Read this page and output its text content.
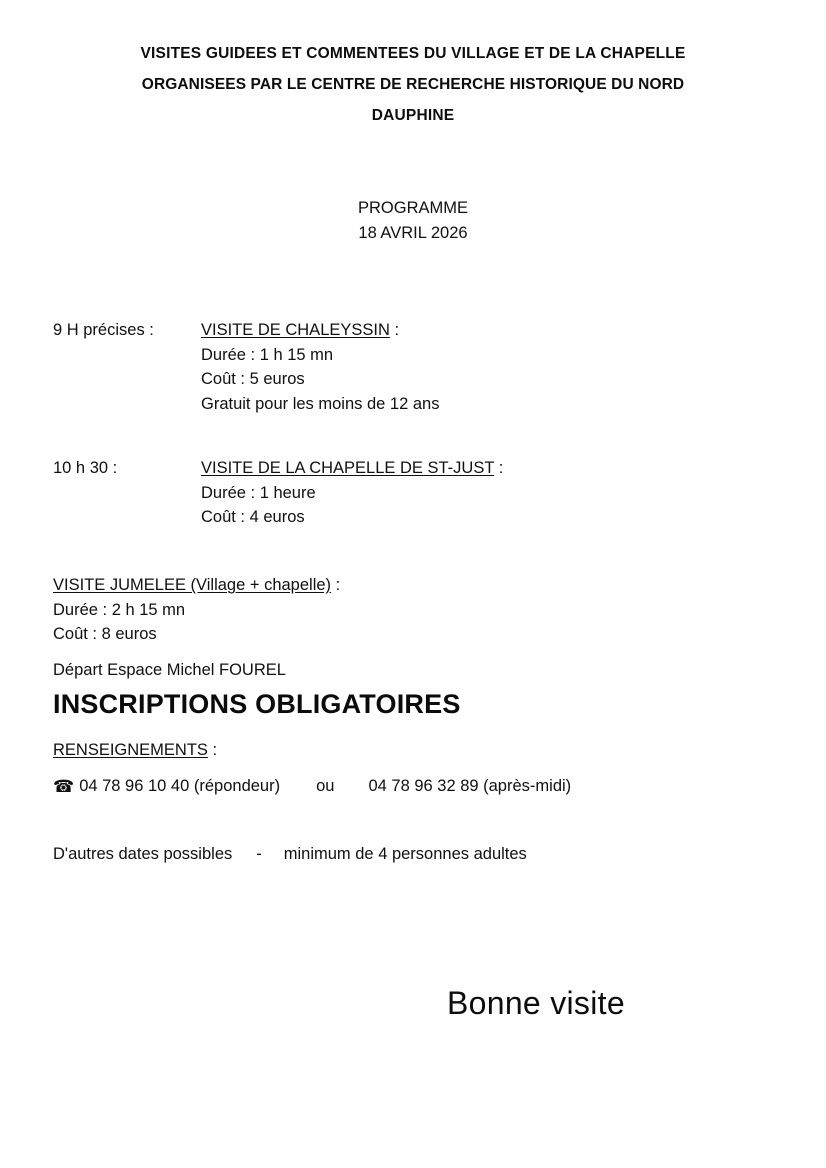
VISITES GUIDEES ET COMMENTEES DU VILLAGE ET DE LA CHAPELLE
ORGANISEES PAR LE CENTRE DE RECHERCHE HISTORIQUE DU NORD
DAUPHINE
PROGRAMME
18 AVRIL 2026
9 H précises :	VISITE DE CHALEYSSIN :
Durée : 1 h 15 mn
Coût : 5 euros
Gratuit pour les moins de 12 ans
10 h 30 :	VISITE DE LA CHAPELLE DE ST-JUST :
Durée : 1 heure
Coût : 4 euros
VISITE JUMELEE (Village + chapelle) :
Durée : 2 h 15 mn
Coût : 8 euros
Départ Espace Michel FOUREL
INSCRIPTIONS OBLIGATOIRES
RENSEIGNEMENTS :
☎ 04 78 96 10 40 (répondeur) ou 04 78 96 32 89 (après-midi)
D'autres dates possibles - minimum de 4 personnes adultes
Bonne visite
